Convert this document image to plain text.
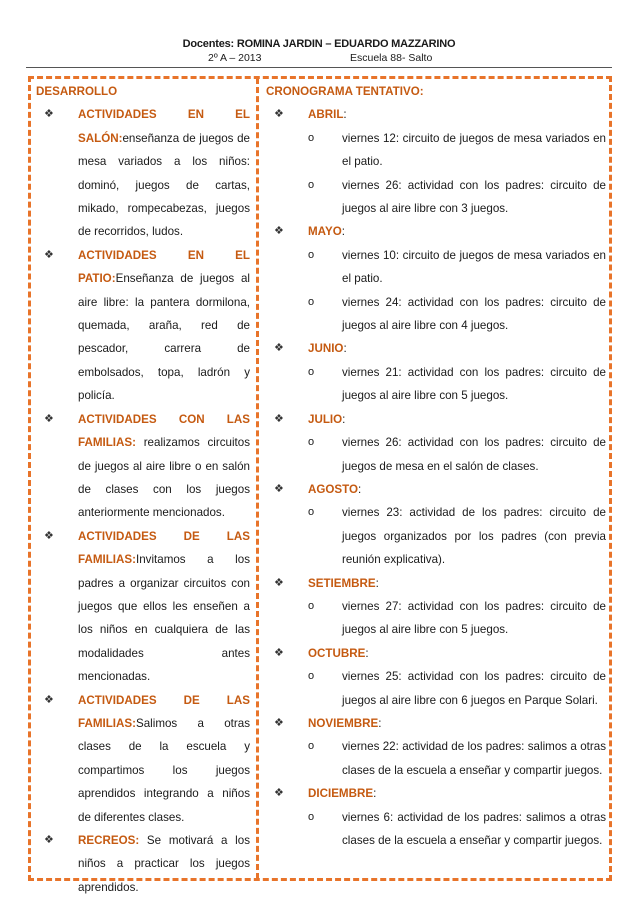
Docentes: ROMINA JARDIN – EDUARDO MAZZARINO
2º A – 2013	Escuela 88- Salto
DESARROLLO
❖ ACTIVIDADES EN EL SALÓN:enseñanza de juegos de mesa variados a los niños: dominó, juegos de cartas, mikado, rompecabezas, juegos de recorridos, ludos.
❖ ACTIVIDADES EN EL PATIO:Enseñanza de juegos al aire libre: la pantera dormilona, quemada, araña, red de pescador, carrera de embolsados, topa, ladrón y policía.
❖ ACTIVIDADES CON LAS FAMILIAS: realizamos circuitos de juegos al aire libre o en salón de clases con los juegos anteriormente mencionados.
❖ ACTIVIDADES DE LAS FAMILIAS:Invitamos a los padres a organizar circuitos con juegos que ellos les enseñen a los niños en cualquiera de las modalidades antes mencionadas.
❖ ACTIVIDADES DE LAS FAMILIAS:Salimos a otras clases de la escuela y compartimos los juegos aprendidos integrando a niños de diferentes clases.
❖ RECREOS: Se motivará a los niños a practicar los juegos aprendidos.
CRONOGRAMA TENTATIVO:
❖ ABRIL:
o viernes 12: circuito de juegos de mesa variados en el patio.
o viernes 26: actividad con los padres: circuito de juegos al aire libre con 3 juegos.
❖ MAYO:
o viernes 10: circuito de juegos de mesa variados en el patio.
o viernes 24: actividad con los padres: circuito de juegos al aire libre con 4 juegos.
❖ JUNIO:
o viernes 21: actividad con los padres: circuito de juegos al aire libre con 5 juegos.
❖ JULIO:
o viernes 26: actividad con los padres: circuito de juegos de mesa en el salón de clases.
❖ AGOSTO:
o viernes 23: actividad de los padres: circuito de juegos organizados por los padres (con previa reunión explicativa).
❖ SETIEMBRE:
o viernes 27: actividad con los padres: circuito de juegos al aire libre con 5 juegos.
❖ OCTUBRE:
o viernes 25: actividad con los padres: circuito de juegos al aire libre con 6 juegos en Parque Solari.
❖ NOVIEMBRE:
o viernes 22: actividad de los padres: salimos a otras clases de la escuela a enseñar y compartir juegos.
❖ DICIEMBRE:
o viernes 6: actividad de los padres: salimos a otras clases de la escuela a enseñar y compartir juegos.
